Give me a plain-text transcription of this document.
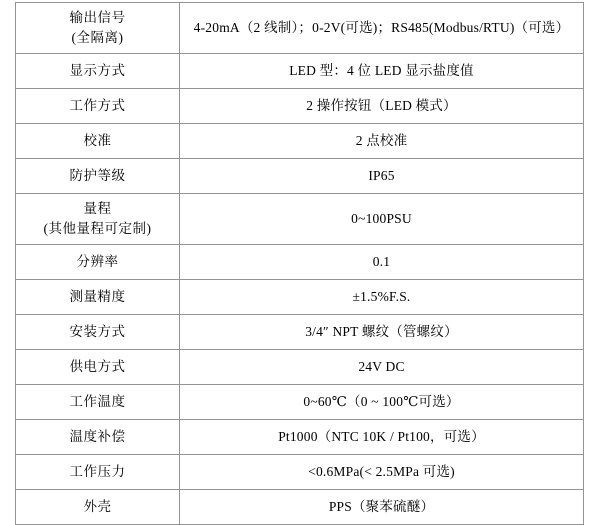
输出信号
(全隔离)	4-20mA（2 线制）；0-2V(可选)；RS485(Modbus/RTU)（可选）

显示方式	LED 型：4 位 LED 显示盐度值

工作方式	2 操作按钮（LED 模式）

校准	2 点校准

防护等级	IP65

量程
(其他量程可定制)	0~100PSU

分辨率	0.1

测量精度	±1.5%F.S.

安装方式	3/4″ NPT 螺纹（管螺纹）

供电方式	24V DC

工作温度	0~60℃（0 ~ 100℃可选）

温度补偿	Pt1000（NTC 10K / Pt100，可选）

工作压力	<0.6MPa(< 2.5MPa 可选)

外壳	PPS（聚苯硫醚）
